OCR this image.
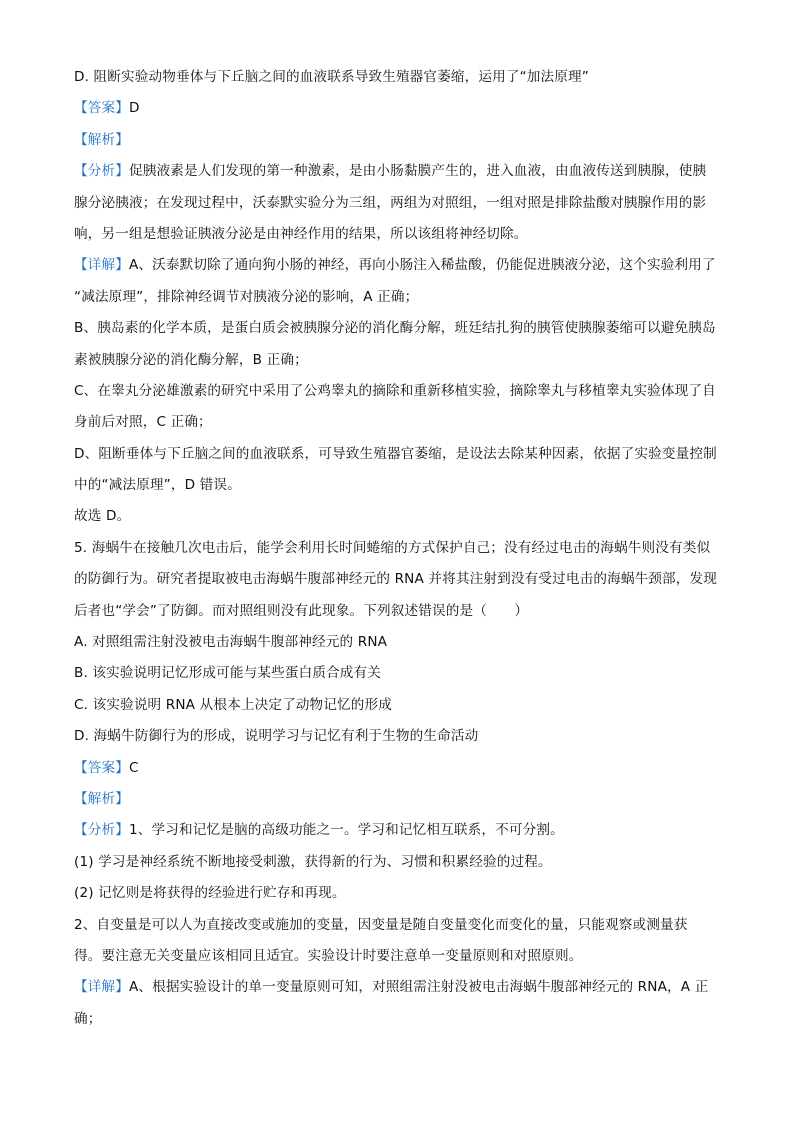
D. 阻断实验动物垂体与下丘脑之间的血液联系导致生殖器官萎缩，运用了“加法原理”
【答案】D
【解析】
【分析】促胰液素是人们发现的第一种激素，是由小肠黏膜产生的，进入血液，由血液传送到胰腺，使胰
腺分泌胰液；在发现过程中，沃泰默实验分为三组，两组为对照组，一组对照是排除盐酸对胰腺作用的影
响，另一组是想验证胰液分泌是由神经作用的结果，所以该组将神经切除。
【详解】A、沃泰默切除了通向狗小肠的神经，再向小肠注入稀盐酸，仍能促进胰液分泌，这个实验利用了
“减法原理”，排除神经调节对胰液分泌的影响，A 正确；
B、胰岛素的化学本质，是蛋白质会被胰腺分泌的消化酶分解，班廷结扎狗的胰管使胰腺萎缩可以避免胰岛
素被胰腺分泌的消化酶分解，B 正确；
C、在睾丸分泌雄激素的研究中采用了公鸡睾丸的摘除和重新移植实验，摘除睾丸与移植睾丸实验体现了自
身前后对照，C 正确；
D、阻断垂体与下丘脑之间的血液联系，可导致生殖器官萎缩，是设法去除某种因素，依据了实验变量控制
中的“减法原理”，D 错误。
故选 D。
5. 海蜗牛在接触几次电击后，能学会利用长时间蜷缩的方式保护自己；没有经过电击的海蜗牛则没有类似
的防御行为。研究者提取被电击海蜗牛腹部神经元的 RNA 并将其注射到没有受过电击的海蜗牛颈部，发现
后者也“学会”了防御。而对照组则没有此现象。下列叙述错误的是（　　）
A. 对照组需注射没被电击海蜗牛腹部神经元的 RNA
B. 该实验说明记忆形成可能与某些蛋白质合成有关
C. 该实验说明 RNA 从根本上决定了动物记忆的形成
D. 海蜗牛防御行为的形成，说明学习与记忆有利于生物的生命活动
【答案】C
【解析】
【分析】1、学习和记忆是脑的高级功能之一。学习和记忆相互联系，不可分割。
(1) 学习是神经系统不断地接受刺激，获得新的行为、习惯和积累经验的过程。
(2) 记忆则是将获得的经验进行贮存和再现。
2、自变量是可以人为直接改变或施加的变量，因变量是随自变量变化而变化的量，只能观察或测量获
得。要注意无关变量应该相同且适宜。实验设计时要注意单一变量原则和对照原则。
【详解】A、根据实验设计的单一变量原则可知，对照组需注射没被电击海蜗牛腹部神经元的 RNA，A 正
确；
